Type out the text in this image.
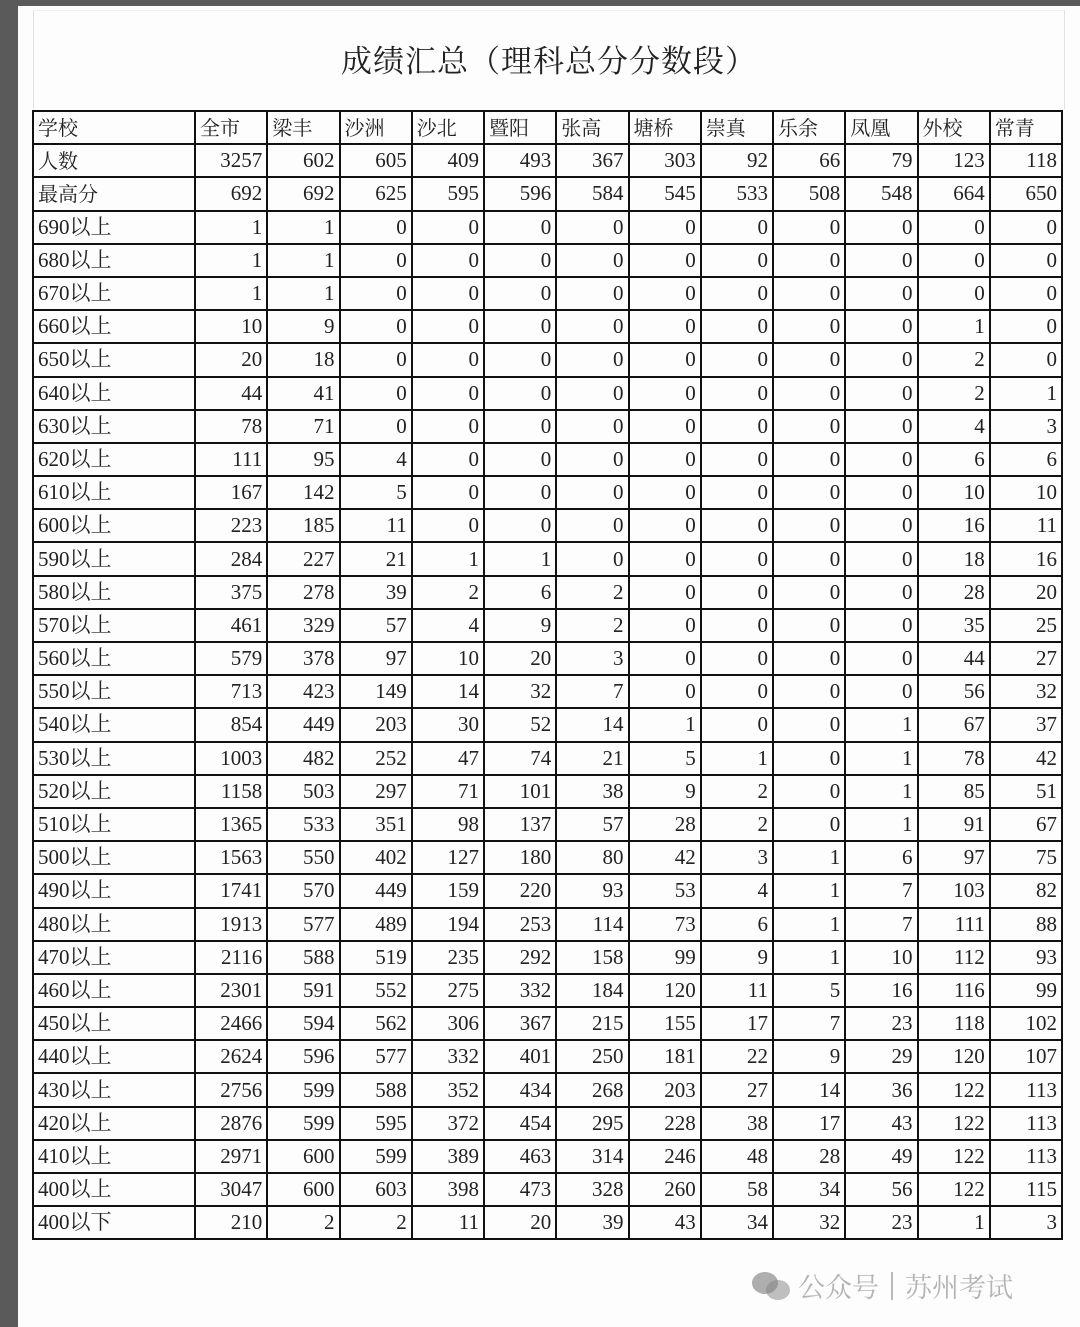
成绩汇总（理科总分分数段）
学校	全市	梁丰	沙洲	沙北	暨阳	张高	塘桥	崇真	乐余	凤凰	外校	常青
人数	3257	602	605	409	493	367	303	92	66	79	123	118
最高分	692	692	625	595	596	584	545	533	508	548	664	650
690以上	1	1	0	0	0	0	0	0	0	0	0	0
680以上	1	1	0	0	0	0	0	0	0	0	0	0
670以上	1	1	0	0	0	0	0	0	0	0	0	0
660以上	10	9	0	0	0	0	0	0	0	0	1	0
650以上	20	18	0	0	0	0	0	0	0	0	2	0
640以上	44	41	0	0	0	0	0	0	0	0	2	1
630以上	78	71	0	0	0	0	0	0	0	0	4	3
620以上	111	95	4	0	0	0	0	0	0	0	6	6
610以上	167	142	5	0	0	0	0	0	0	0	10	10
600以上	223	185	11	0	0	0	0	0	0	0	16	11
590以上	284	227	21	1	1	0	0	0	0	0	18	16
580以上	375	278	39	2	6	2	0	0	0	0	28	20
570以上	461	329	57	4	9	2	0	0	0	0	35	25
560以上	579	378	97	10	20	3	0	0	0	0	44	27
550以上	713	423	149	14	32	7	0	0	0	0	56	32
540以上	854	449	203	30	52	14	1	0	0	1	67	37
530以上	1003	482	252	47	74	21	5	1	0	1	78	42
520以上	1158	503	297	71	101	38	9	2	0	1	85	51
510以上	1365	533	351	98	137	57	28	2	0	1	91	67
500以上	1563	550	402	127	180	80	42	3	1	6	97	75
490以上	1741	570	449	159	220	93	53	4	1	7	103	82
480以上	1913	577	489	194	253	114	73	6	1	7	111	88
470以上	2116	588	519	235	292	158	99	9	1	10	112	93
460以上	2301	591	552	275	332	184	120	11	5	16	116	99
450以上	2466	594	562	306	367	215	155	17	7	23	118	102
440以上	2624	596	577	332	401	250	181	22	9	29	120	107
430以上	2756	599	588	352	434	268	203	27	14	36	122	113
420以上	2876	599	595	372	454	295	228	38	17	43	122	113
410以上	2971	600	599	389	463	314	246	48	28	49	122	113
400以上	3047	600	603	398	473	328	260	58	34	56	122	115
400以下	210	2	2	11	20	39	43	34	32	23	1	3
公众号 苏州考试
